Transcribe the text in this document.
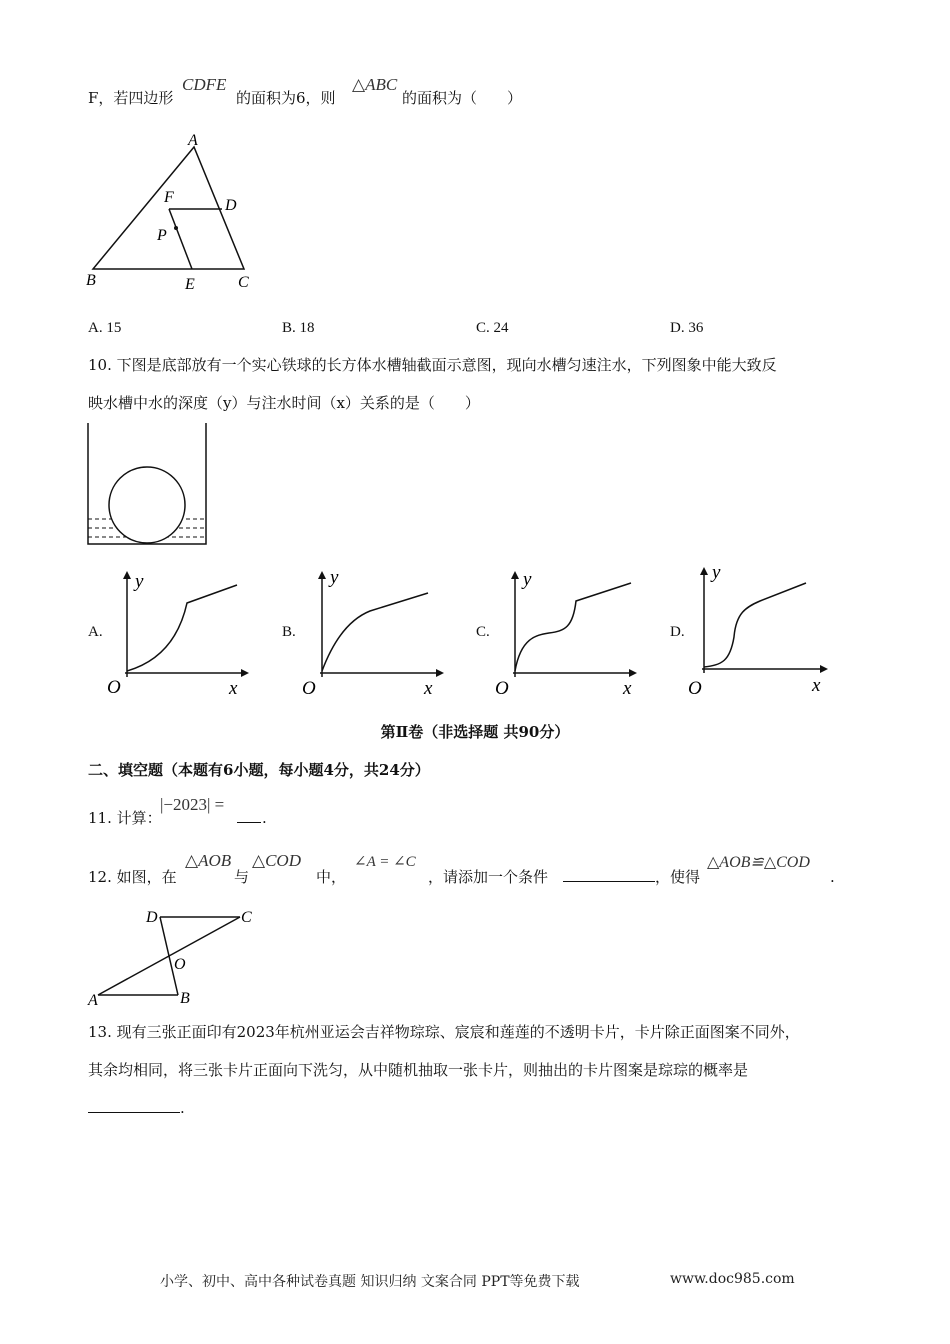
F，若四边形
CDFE
的面积为6，则
△ABC
的面积为（　　）
A
B	C
D
E
F
P
A. 15	B. 18	C. 24	D. 36
10. 下图是底部放有一个实心铁球的长方体水槽轴截面示意图，现向水槽匀速注水，下列图象中能大致反
映水槽中水的深度（y）与注水时间（x）关系的是（　　）
A.
y
O	x
B.
y
O	x
C.
y
O	x
D.
y
O	x
第Ⅱ卷（非选择题 共90分）
二、填空题（本题有6小题，每小题4分，共24分）
11. 计算：
|−2023| =
.
12. 如图，在
△AOB
与
△COD
中，
∠A = ∠C
，请添加一个条件	，使得
△AOB≌△COD
.
D	C
O
A	B
13. 现有三张正面印有2023年杭州亚运会吉祥物琮琮、宸宸和莲莲的不透明卡片，卡片除正面图案不同外，
其余均相同，将三张卡片正面向下洗匀，从中随机抽取一张卡片，则抽出的卡片图案是琮琮的概率是
.
小学、初中、高中各种试卷真题 知识归纳 文案合同 PPT等免费下载	www.doc985.com
